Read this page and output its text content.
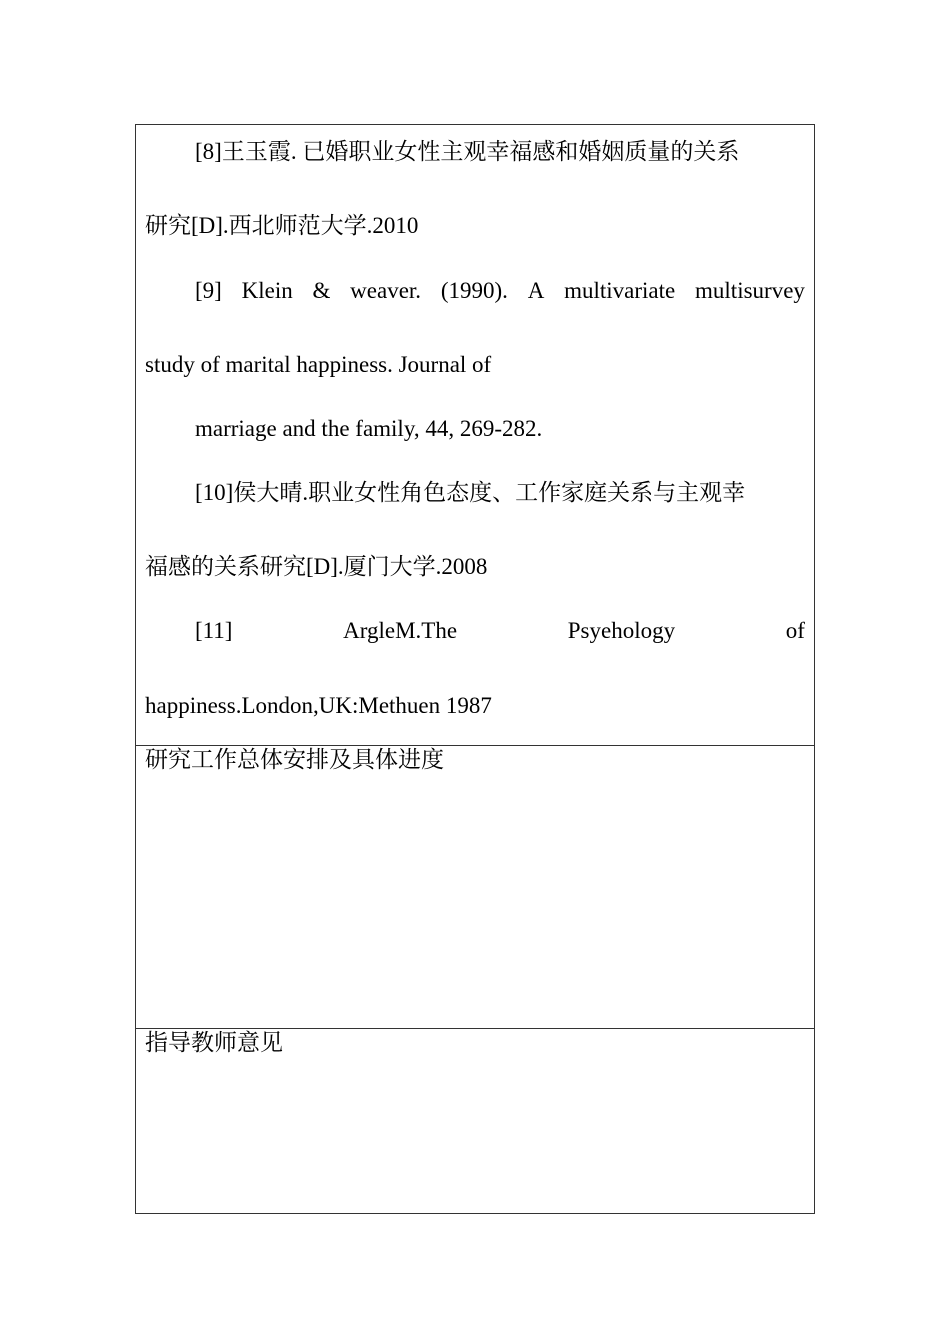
[8]王玉霞. 已婚职业女性主观幸福感和婚姻质量的关系
研究[D].西北师范大学.2010
[9] Klein & weaver. (1990). A multivariate multisurvey
study of marital happiness. Journal of
marriage and the family, 44, 269-282.
[10]侯大晴.职业女性角色态度、工作家庭关系与主观幸
福感的关系研究[D].厦门大学.2008
[11]	ArgleM.The	Psyehology	of
happiness.London,UK:Methuen 1987
研究工作总体安排及具体进度
指导教师意见
